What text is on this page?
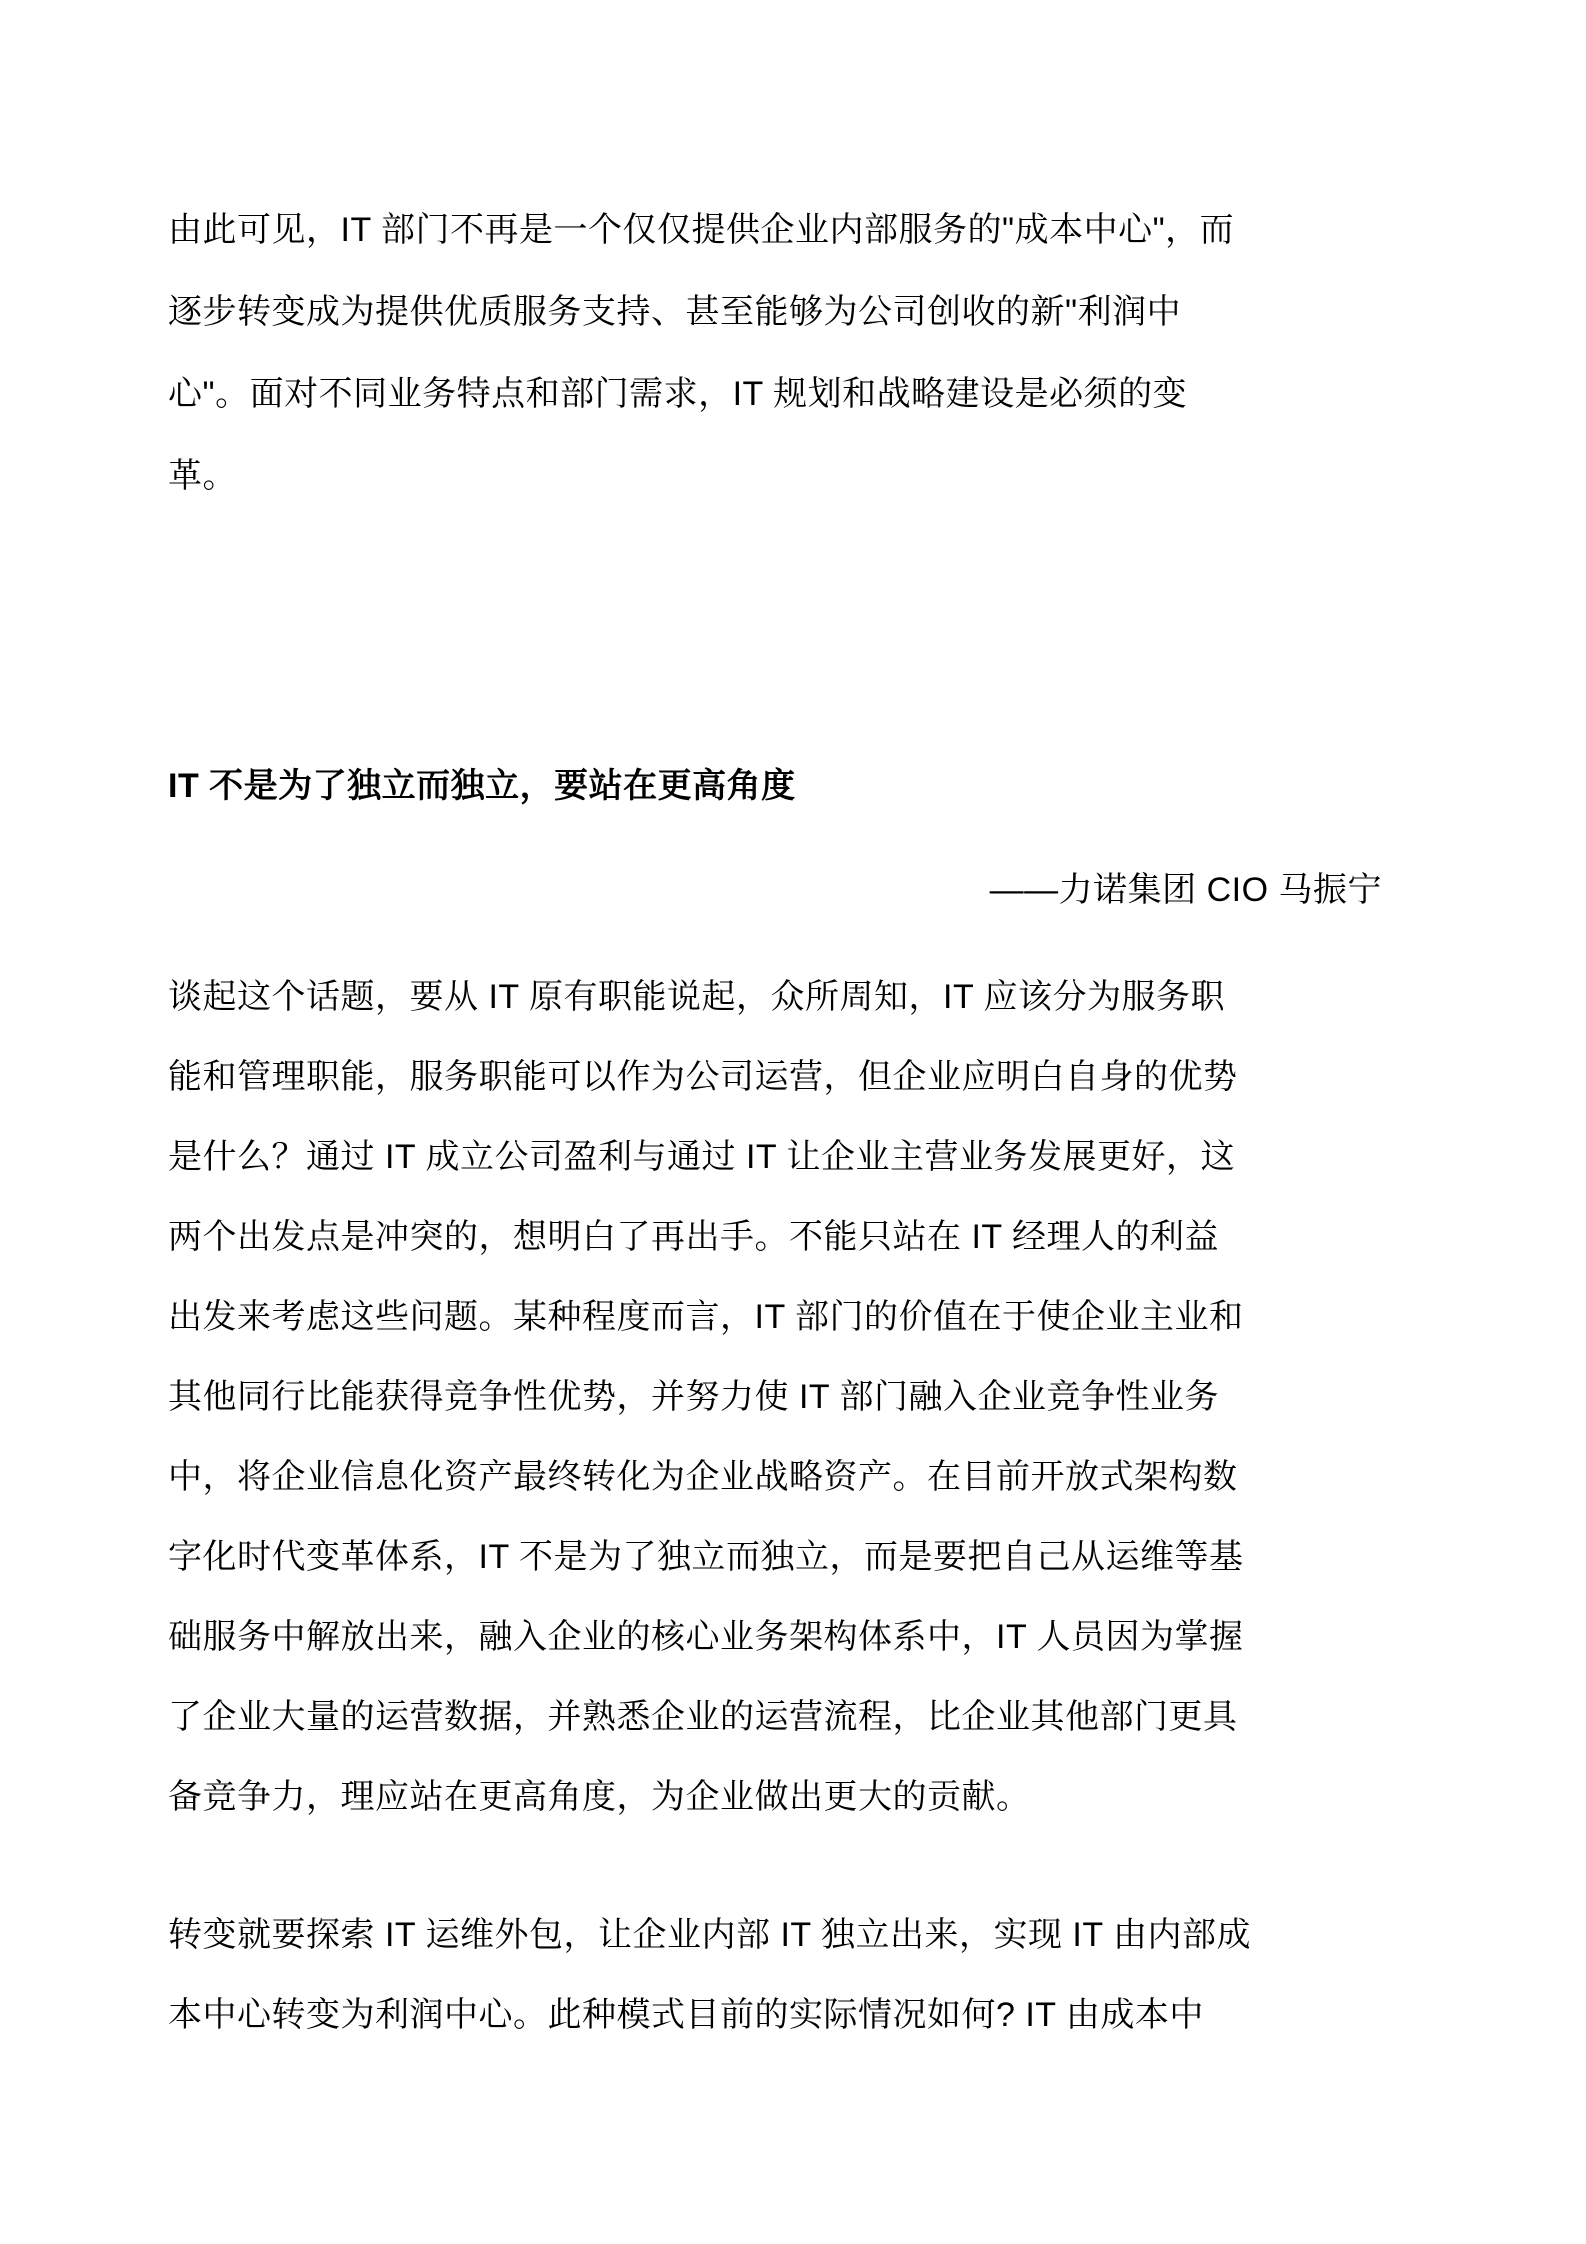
由此可见，IT 部门不再是一个仅仅提供企业内部服务的"成本中心"，而
逐步转变成为提供优质服务支持、甚至能够为公司创收的新"利润中
心"。面对不同业务特点和部门需求，IT 规划和战略建设是必须的变
革。
IT 不是为了独立而独立，要站在更高角度
——力诺集团 CIO 马振宁
谈起这个话题，要从 IT 原有职能说起，众所周知，IT 应该分为服务职
能和管理职能，服务职能可以作为公司运营，但企业应明白自身的优势
是什么？通过 IT 成立公司盈利与通过 IT 让企业主营业务发展更好，这
两个出发点是冲突的，想明白了再出手。不能只站在 IT 经理人的利益
出发来考虑这些问题。某种程度而言，IT 部门的价值在于使企业主业和
其他同行比能获得竞争性优势，并努力使 IT 部门融入企业竞争性业务
中，将企业信息化资产最终转化为企业战略资产。在目前开放式架构数
字化时代变革体系，IT 不是为了独立而独立，而是要把自己从运维等基
础服务中解放出来，融入企业的核心业务架构体系中，IT 人员因为掌握
了企业大量的运营数据，并熟悉企业的运营流程，比企业其他部门更具
备竞争力，理应站在更高角度，为企业做出更大的贡献。
转变就要探索 IT 运维外包，让企业内部 IT 独立出来，实现 IT 由内部成
本中心转变为利润中心。此种模式目前的实际情况如何? IT 由成本中
